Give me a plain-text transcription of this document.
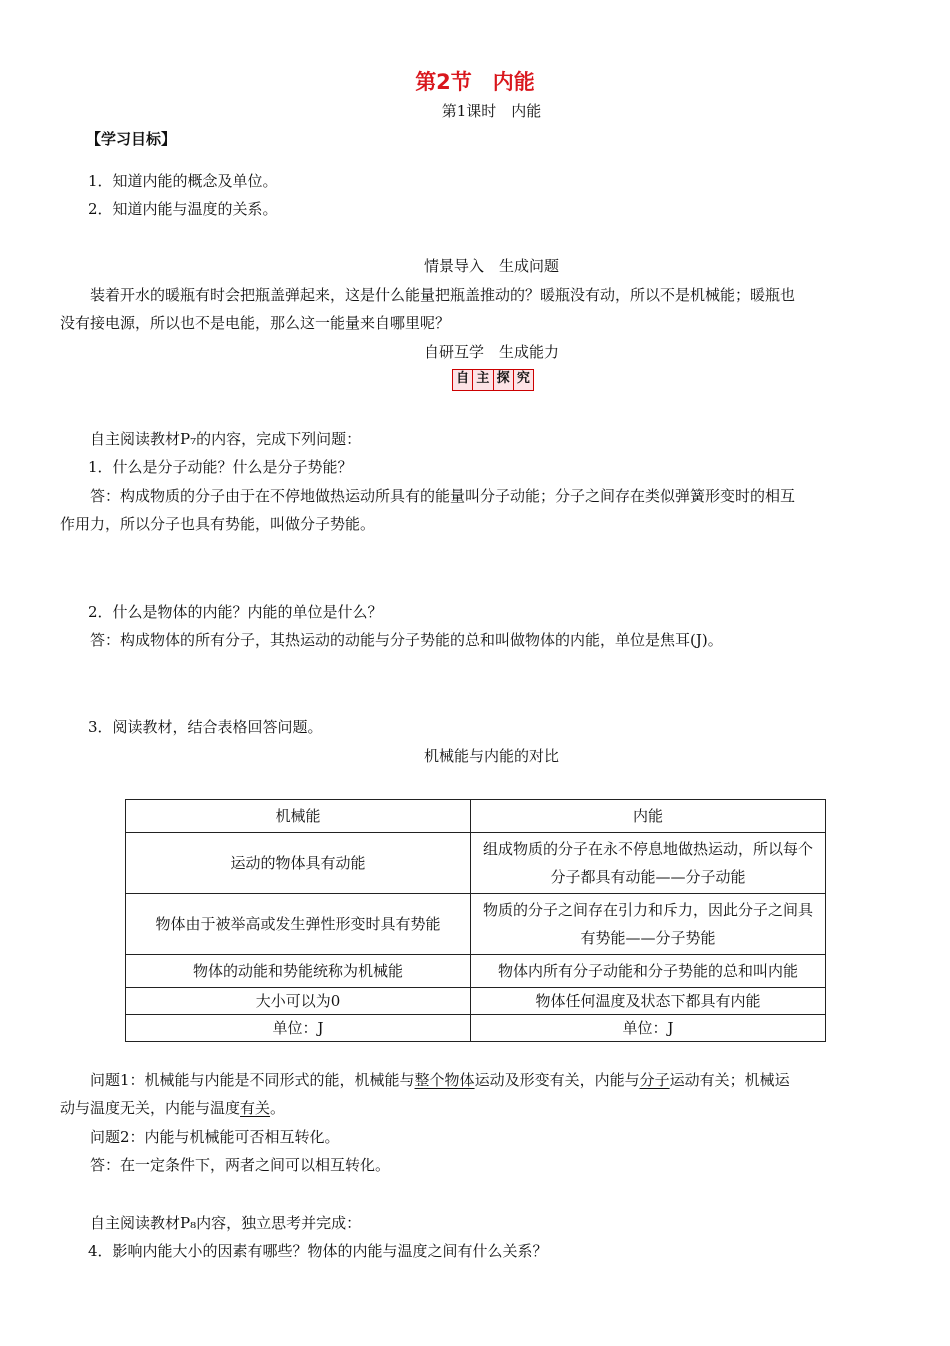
第2节　内能
第1课时　内能
【学习目标】
1．知道内能的概念及单位。
2．知道内能与温度的关系。
情景导入　生成问题
装着开水的暖瓶有时会把瓶盖弹起来，这是什么能量把瓶盖推动的？暖瓶没有动，所以不是机械能；暖瓶也
没有接电源，所以也不是电能，那么这一能量来自哪里呢？
自研互学　生成能力
自 主 探 究
自主阅读教材P₇的内容，完成下列问题：
1．什么是分子动能？什么是分子势能？
答：构成物质的分子由于在不停地做热运动所具有的能量叫分子动能；分子之间存在类似弹簧形变时的相互
作用力，所以分子也具有势能，叫做分子势能。
2．什么是物体的内能？内能的单位是什么？
答：构成物体的所有分子，其热运动的动能与分子势能的总和叫做物体的内能，单位是焦耳(J)。
3．阅读教材，结合表格回答问题。
机械能与内能的对比
机械能	内能
运动的物体具有动能	组成物质的分子在永不停息地做热运动，所以每个分子都具有动能——分子动能
物体由于被举高或发生弹性形变时具有势能	物质的分子之间存在引力和斥力，因此分子之间具有势能——分子势能
物体的动能和势能统称为机械能	物体内所有分子动能和分子势能的总和叫内能
大小可以为0	物体任何温度及状态下都具有内能
单位：J	单位：J
问题1：机械能与内能是不同形式的能，机械能与整个物体运动及形变有关，内能与分子运动有关；机械运
动与温度无关，内能与温度有关。
问题2：内能与机械能可否相互转化。
答：在一定条件下，两者之间可以相互转化。
自主阅读教材P₈内容，独立思考并完成：
4．影响内能大小的因素有哪些？物体的内能与温度之间有什么关系？
